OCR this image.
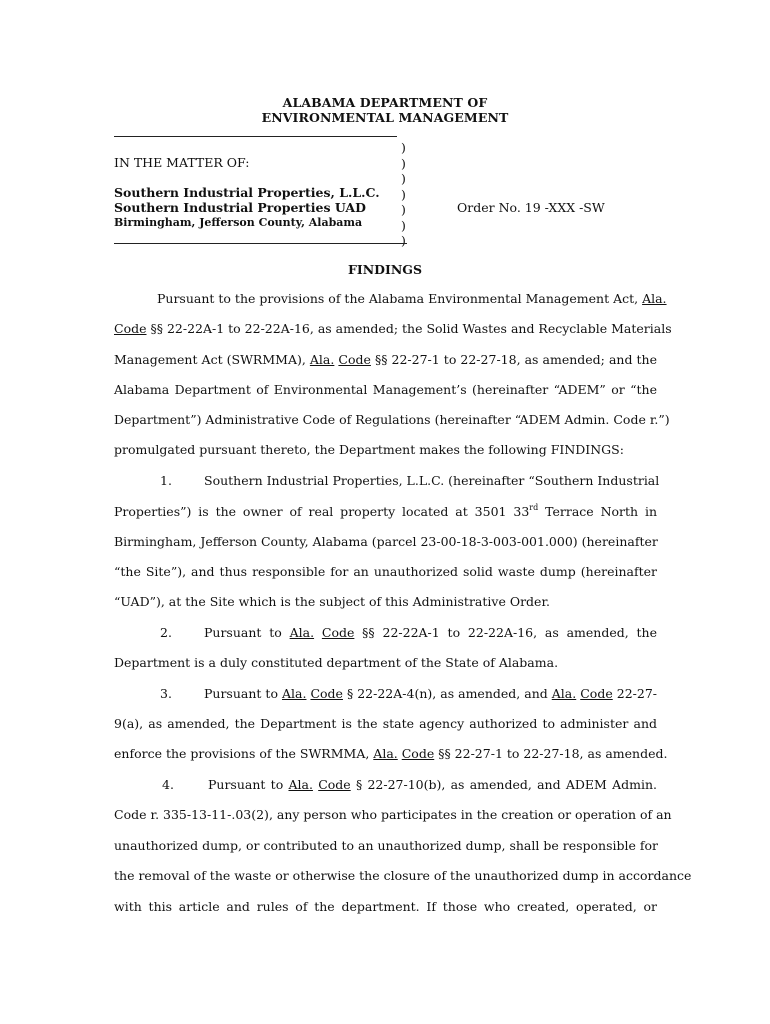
ALABAMA DEPARTMENT OF
ENVIRONMENTAL MANAGEMENT
)
)
)
)
)
)
)
IN THE MATTER OF:
Southern Industrial Properties, L.L.C.
Southern Industrial Properties UAD
Birmingham, Jefferson County, Alabama
Order No. 19 -XXX -SW
FINDINGS
Pursuant to the provisions of the Alabama Environmental Management Act, Ala.
Code §§ 22-22A-1 to 22-22A-16, as amended; the Solid Wastes and Recyclable Materials
Management Act (SWRMMA), Ala. Code §§ 22-27-1 to 22-27-18, as amended; and the
Alabama Department of Environmental Management’s (hereinafter “ADEM” or “the
Department”) Administrative Code of Regulations (hereinafter “ADEM Admin. Code r.”)
promulgated pursuant thereto, the Department makes the following FINDINGS:
1.	Southern Industrial Properties, L.L.C. (hereinafter “Southern Industrial
Properties”) is the owner of real property located at 3501 33rd Terrace North in
Birmingham, Jefferson County, Alabama (parcel 23-00-18-3-003-001.000) (hereinafter
“the Site”), and thus responsible for an unauthorized solid waste dump (hereinafter
“UAD”), at the Site which is the subject of this Administrative Order.
2.	Pursuant to Ala. Code §§ 22-22A-1 to 22-22A-16, as amended, the
Department is a duly constituted department of the State of Alabama.
3.	Pursuant to Ala. Code § 22-22A-4(n), as amended, and Ala. Code 22-27-
9(a), as amended, the Department is the state agency authorized to administer and
enforce the provisions of the SWRMMA, Ala. Code §§ 22-27-1 to 22-27-18, as amended.
4.	Pursuant to Ala. Code § 22-27-10(b), as amended, and ADEM Admin.
Code r. 335-13-11-.03(2), any person who participates in the creation or operation of an
unauthorized dump, or contributed to an unauthorized dump, shall be responsible for
the removal of the waste or otherwise the closure of the unauthorized dump in accordance
with this article and rules of the department. If those who created, operated, or
